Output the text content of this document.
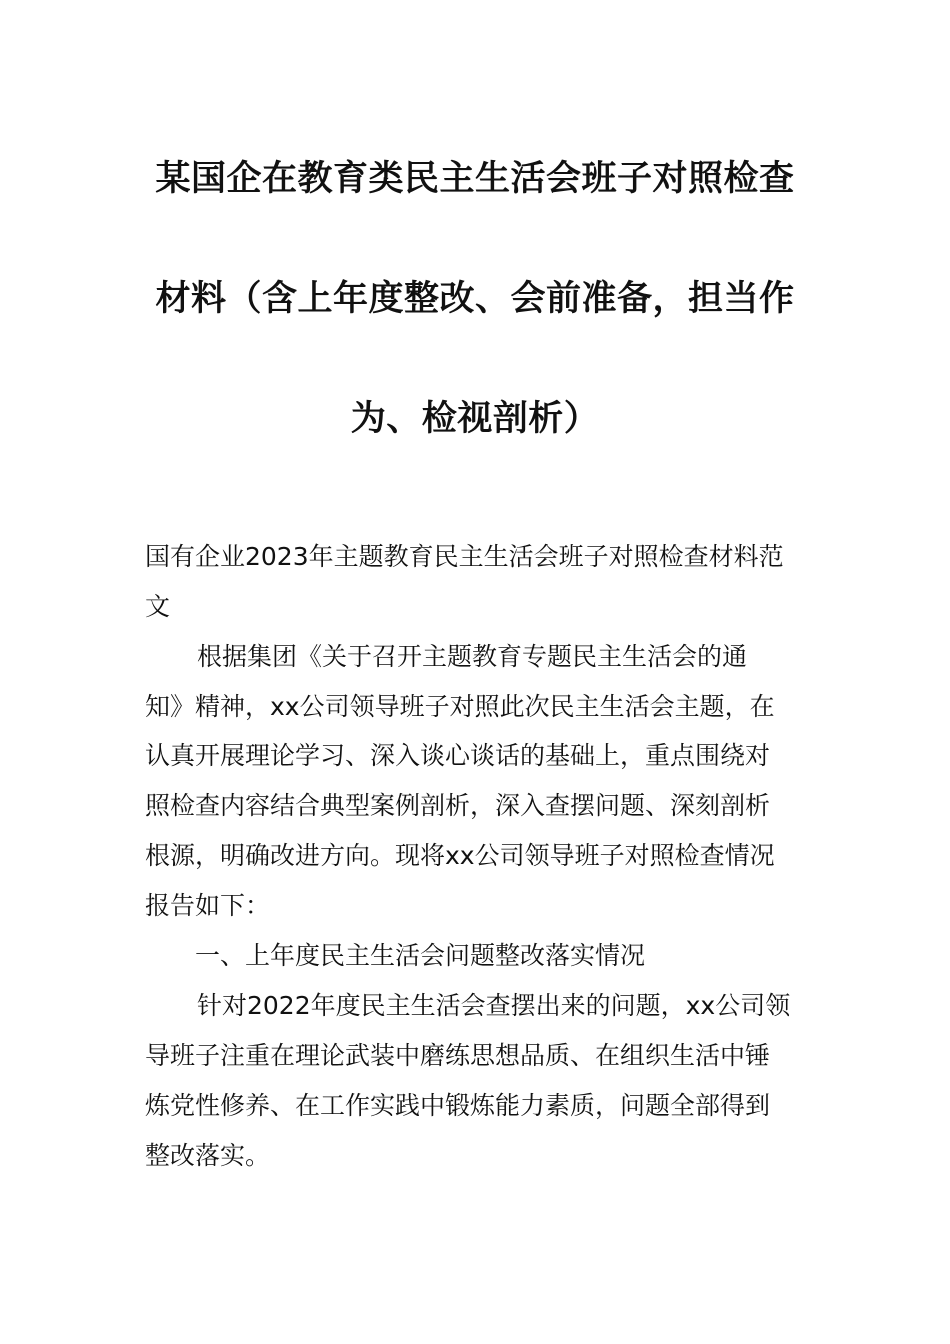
某国企在教育类民主生活会班子对照检查
材料（含上年度整改、会前准备，担当作
为、检视剖析）

国有企业2023年主题教育民主生活会班子对照检查材料范

文

根据集团《关于召开主题教育专题民主生活会的通

知》精神，xx公司领导班子对照此次民主生活会主题，在

认真开展理论学习、深入谈心谈话的基础上，重点围绕对

照检查内容结合典型案例剖析，深入查摆问题、深刻剖析

根源，明确改进方向。现将xx公司领导班子对照检查情况

报告如下：

一、上年度民主生活会问题整改落实情况

针对2022年度民主生活会查摆出来的问题，xx公司领

导班子注重在理论武装中磨练思想品质、在组织生活中锤

炼党性修养、在工作实践中锻炼能力素质，问题全部得到

整改落实。
